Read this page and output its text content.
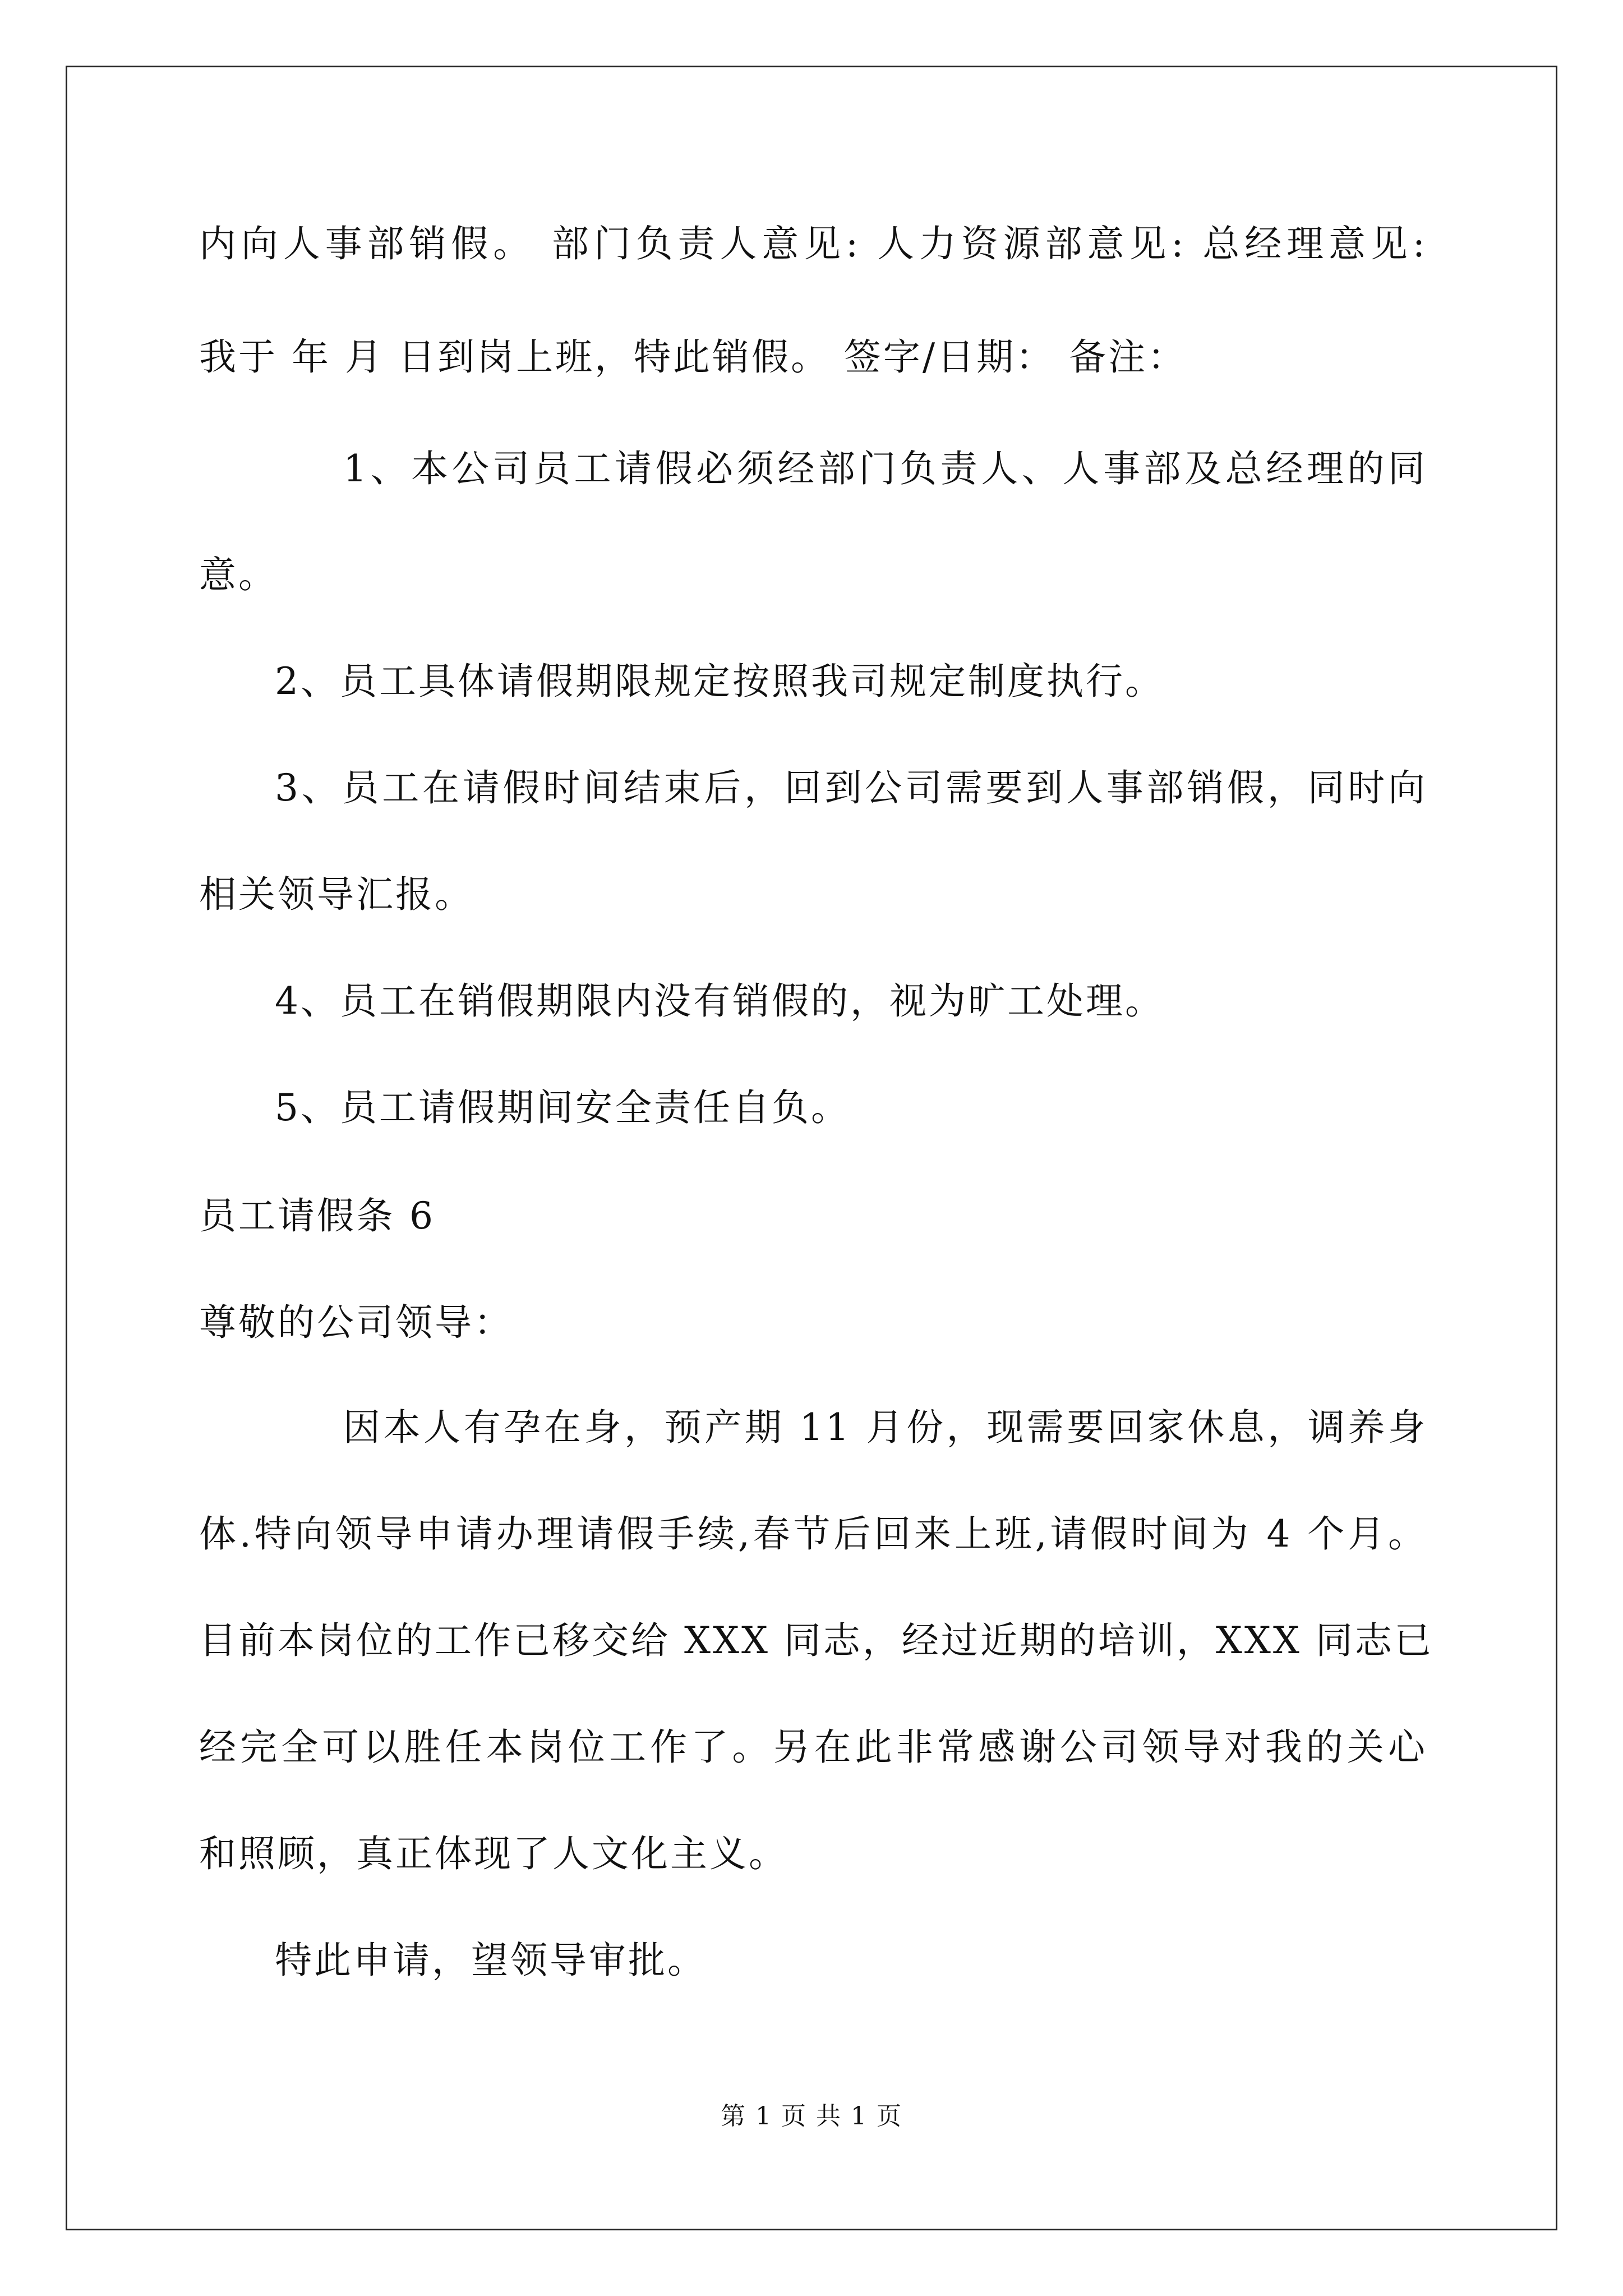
内向人事部销假。 部门负责人意见: 人力资源部意见: 总经理意见:
我于 年 月 日到岗上班，特此销假。 签字/日期： 备注：
1、本公司员工请假必须经部门负责人、人事部及总经理的同
意。
2、员工具体请假期限规定按照我司规定制度执行。
3、员工在请假时间结束后，回到公司需要到人事部销假，同时向
相关领导汇报。
4、员工在销假期限内没有销假的，视为旷工处理。
5、员工请假期间安全责任自负。
员工请假条 6
尊敬的公司领导：
因本人有孕在身，预产期 11 月份，现需要回家休息，调养身
体.特向领导申请办理请假手续,春节后回来上班,请假时间为 4 个月。
目前本岗位的工作已移交给 XXX 同志，经过近期的培训，XXX 同志已
经完全可以胜任本岗位工作了。另在此非常感谢公司领导对我的关心
和照顾，真正体现了人文化主义。
特此申请，望领导审批。
第 1 页 共 1 页
